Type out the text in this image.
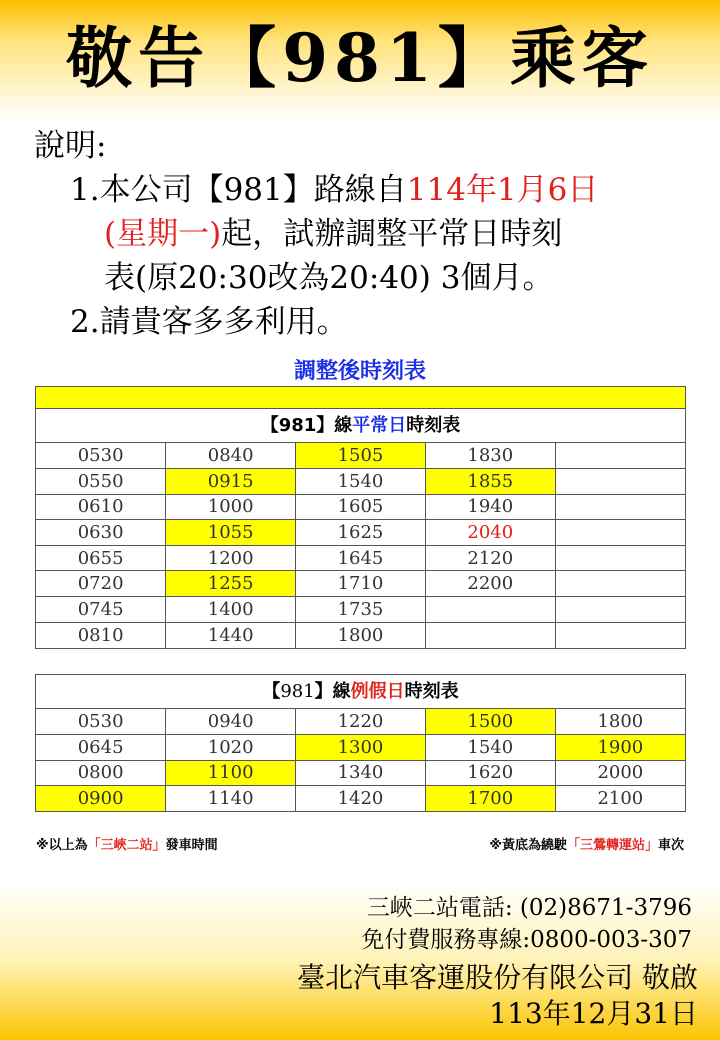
敬告【981】乘客
說明:
1.本公司【981】路線自114年1月6日
(星期一)起，試辦調整平常日時刻
表(原20:30改為20:40) 3個月。
2.請貴客多多利用。
調整後時刻表
【981】線平常日時刻表
0530	0840	1505	1830	
0550	0915	1540	1855	
0610	1000	1605	1940	
0630	1055	1625	2040	
0655	1200	1645	2120	
0720	1255	1710	2200	
0745	1400	1735		
0810	1440	1800		
【981】線例假日時刻表
0530	0940	1220	1500	1800
0645	1020	1300	1540	1900
0800	1100	1340	1620	2000
0900	1140	1420	1700	2100
※以上為「三峽二站」發車時間	※黃底為繞駛「三鶯轉運站」車次
三峽二站電話: (02)8671-3796
免付費服務專線:0800-003-307
臺北汽車客運股份有限公司 敬啟
113年12月31日
